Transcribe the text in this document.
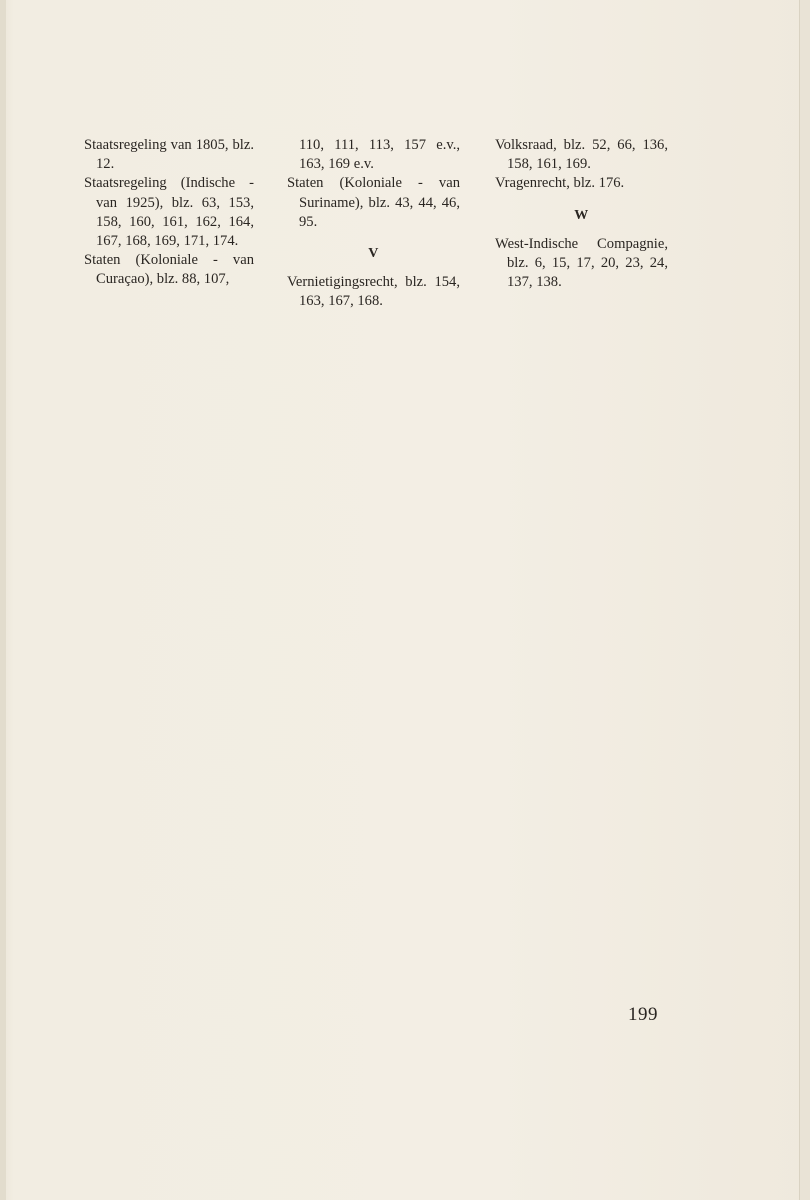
Staatsregeling van 1805, blz. 12.
Staatsregeling (Indische - van 1925), blz. 63, 153, 158, 160, 161, 162, 164, 167, 168, 169, 171, 174.
Staten (Koloniale - van Curaçao), blz. 88, 107,
110, 111, 113, 157 e.v., 163, 169 e.v.
Staten (Koloniale - van Suriname), blz. 43, 44, 46, 95.
V
Vernietigingsrecht, blz. 154, 163, 167, 168.
Volksraad, blz. 52, 66, 136, 158, 161, 169.
Vragenrecht, blz. 176.
W
West-Indische Compagnie, blz. 6, 15, 17, 20, 23, 24, 137, 138.
199
